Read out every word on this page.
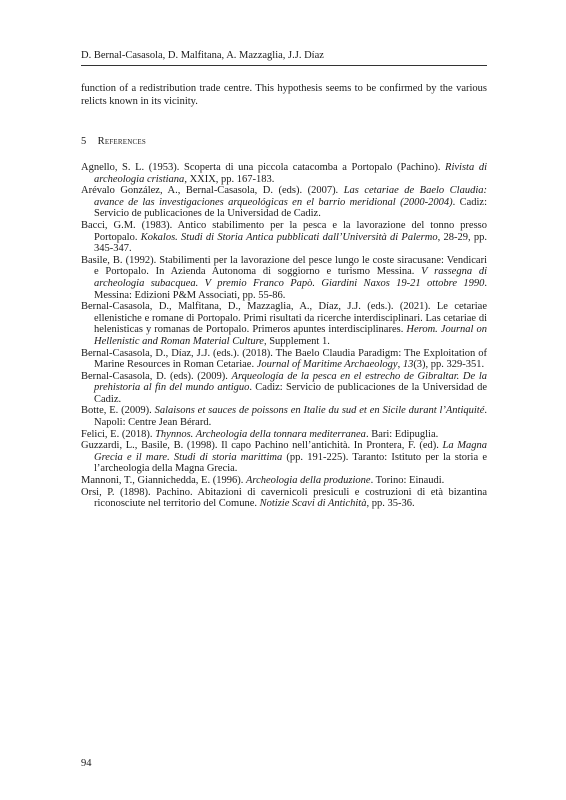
D. Bernal-Casasola, D. Malfitana, A. Mazzaglia, J.J. Díaz

function of a redistribution trade centre. This hypothesis seems to be confirmed by the various relicts known in its vicinity.

5 References

Agnello, S. L. (1953). Scoperta di una piccola catacomba a Portopalo (Pachino). Rivista di archeologia cristiana, XXIX, pp. 167-183.

Arévalo González, A., Bernal-Casasola, D. (eds). (2007). Las cetariae de Baelo Claudia: avance de las investigaciones arqueológicas en el barrio meridional (2000-2004). Cadiz: Servicio de publicaciones de la Universidad de Cadiz.

Bacci, G.M. (1983). Antico stabilimento per la pesca e la lavorazione del tonno presso Portopalo. Kokalos. Studi di Storia Antica pubblicati dall’Università di Palermo, 28-29, pp. 345-347.

Basile, B. (1992). Stabilimenti per la lavorazione del pesce lungo le coste siracusane: Vendicari e Portopalo. In Azienda Autonoma di soggiorno e turismo Messina. V rassegna di archeologia subacquea. V premio Franco Papò. Giardini Naxos 19-21 ottobre 1990. Messina: Edizioni P&M Associati, pp. 55-86.

Bernal-Casasola, D., Malfitana, D., Mazzaglia, A., Díaz, J.J. (eds.). (2021). Le cetariae ellenistiche e romane di Portopalo. Primi risultati da ricerche interdisciplinari. Las cetariae di helenisticas y romanas de Portopalo. Primeros apuntes interdisciplinares. Herom. Journal on Hellenistic and Roman Material Culture, Supplement 1.

Bernal-Casasola, D., Díaz, J.J. (eds.). (2018). The Baelo Claudia Paradigm: The Exploitation of Marine Resources in Roman Cetariae. Journal of Maritime Archaeology, 13(3), pp. 329-351.

Bernal-Casasola, D. (eds). (2009). Arqueología de la pesca en el estrecho de Gibraltar. De la prehistoria al fin del mundo antiguo. Cadiz: Servicio de publicaciones de la Universidad de Cadiz.

Botte, E. (2009). Salaisons et sauces de poissons en Italie du sud et en Sicile durant l’Antiquité. Napoli: Centre Jean Bérard.

Felici, E. (2018). Thynnos. Archeologia della tonnara mediterranea. Bari: Edipuglia.

Guzzardi, L., Basile, B. (1998). Il capo Pachino nell’antichità. In Prontera, F. (ed). La Magna Grecia e il mare. Studi di storia marittima (pp. 191-225). Taranto: Istituto per la storia e l’archeologia della Magna Grecia.

Mannoni, T., Giannichedda, E. (1996). Archeologia della produzione. Torino: Einaudi.

Orsi, P. (1898). Pachino. Abitazioni di cavernicoli presiculi e costruzioni di età bizantina riconosciute nel territorio del Comune. Notizie Scavi di Antichità, pp. 35-36.

94
